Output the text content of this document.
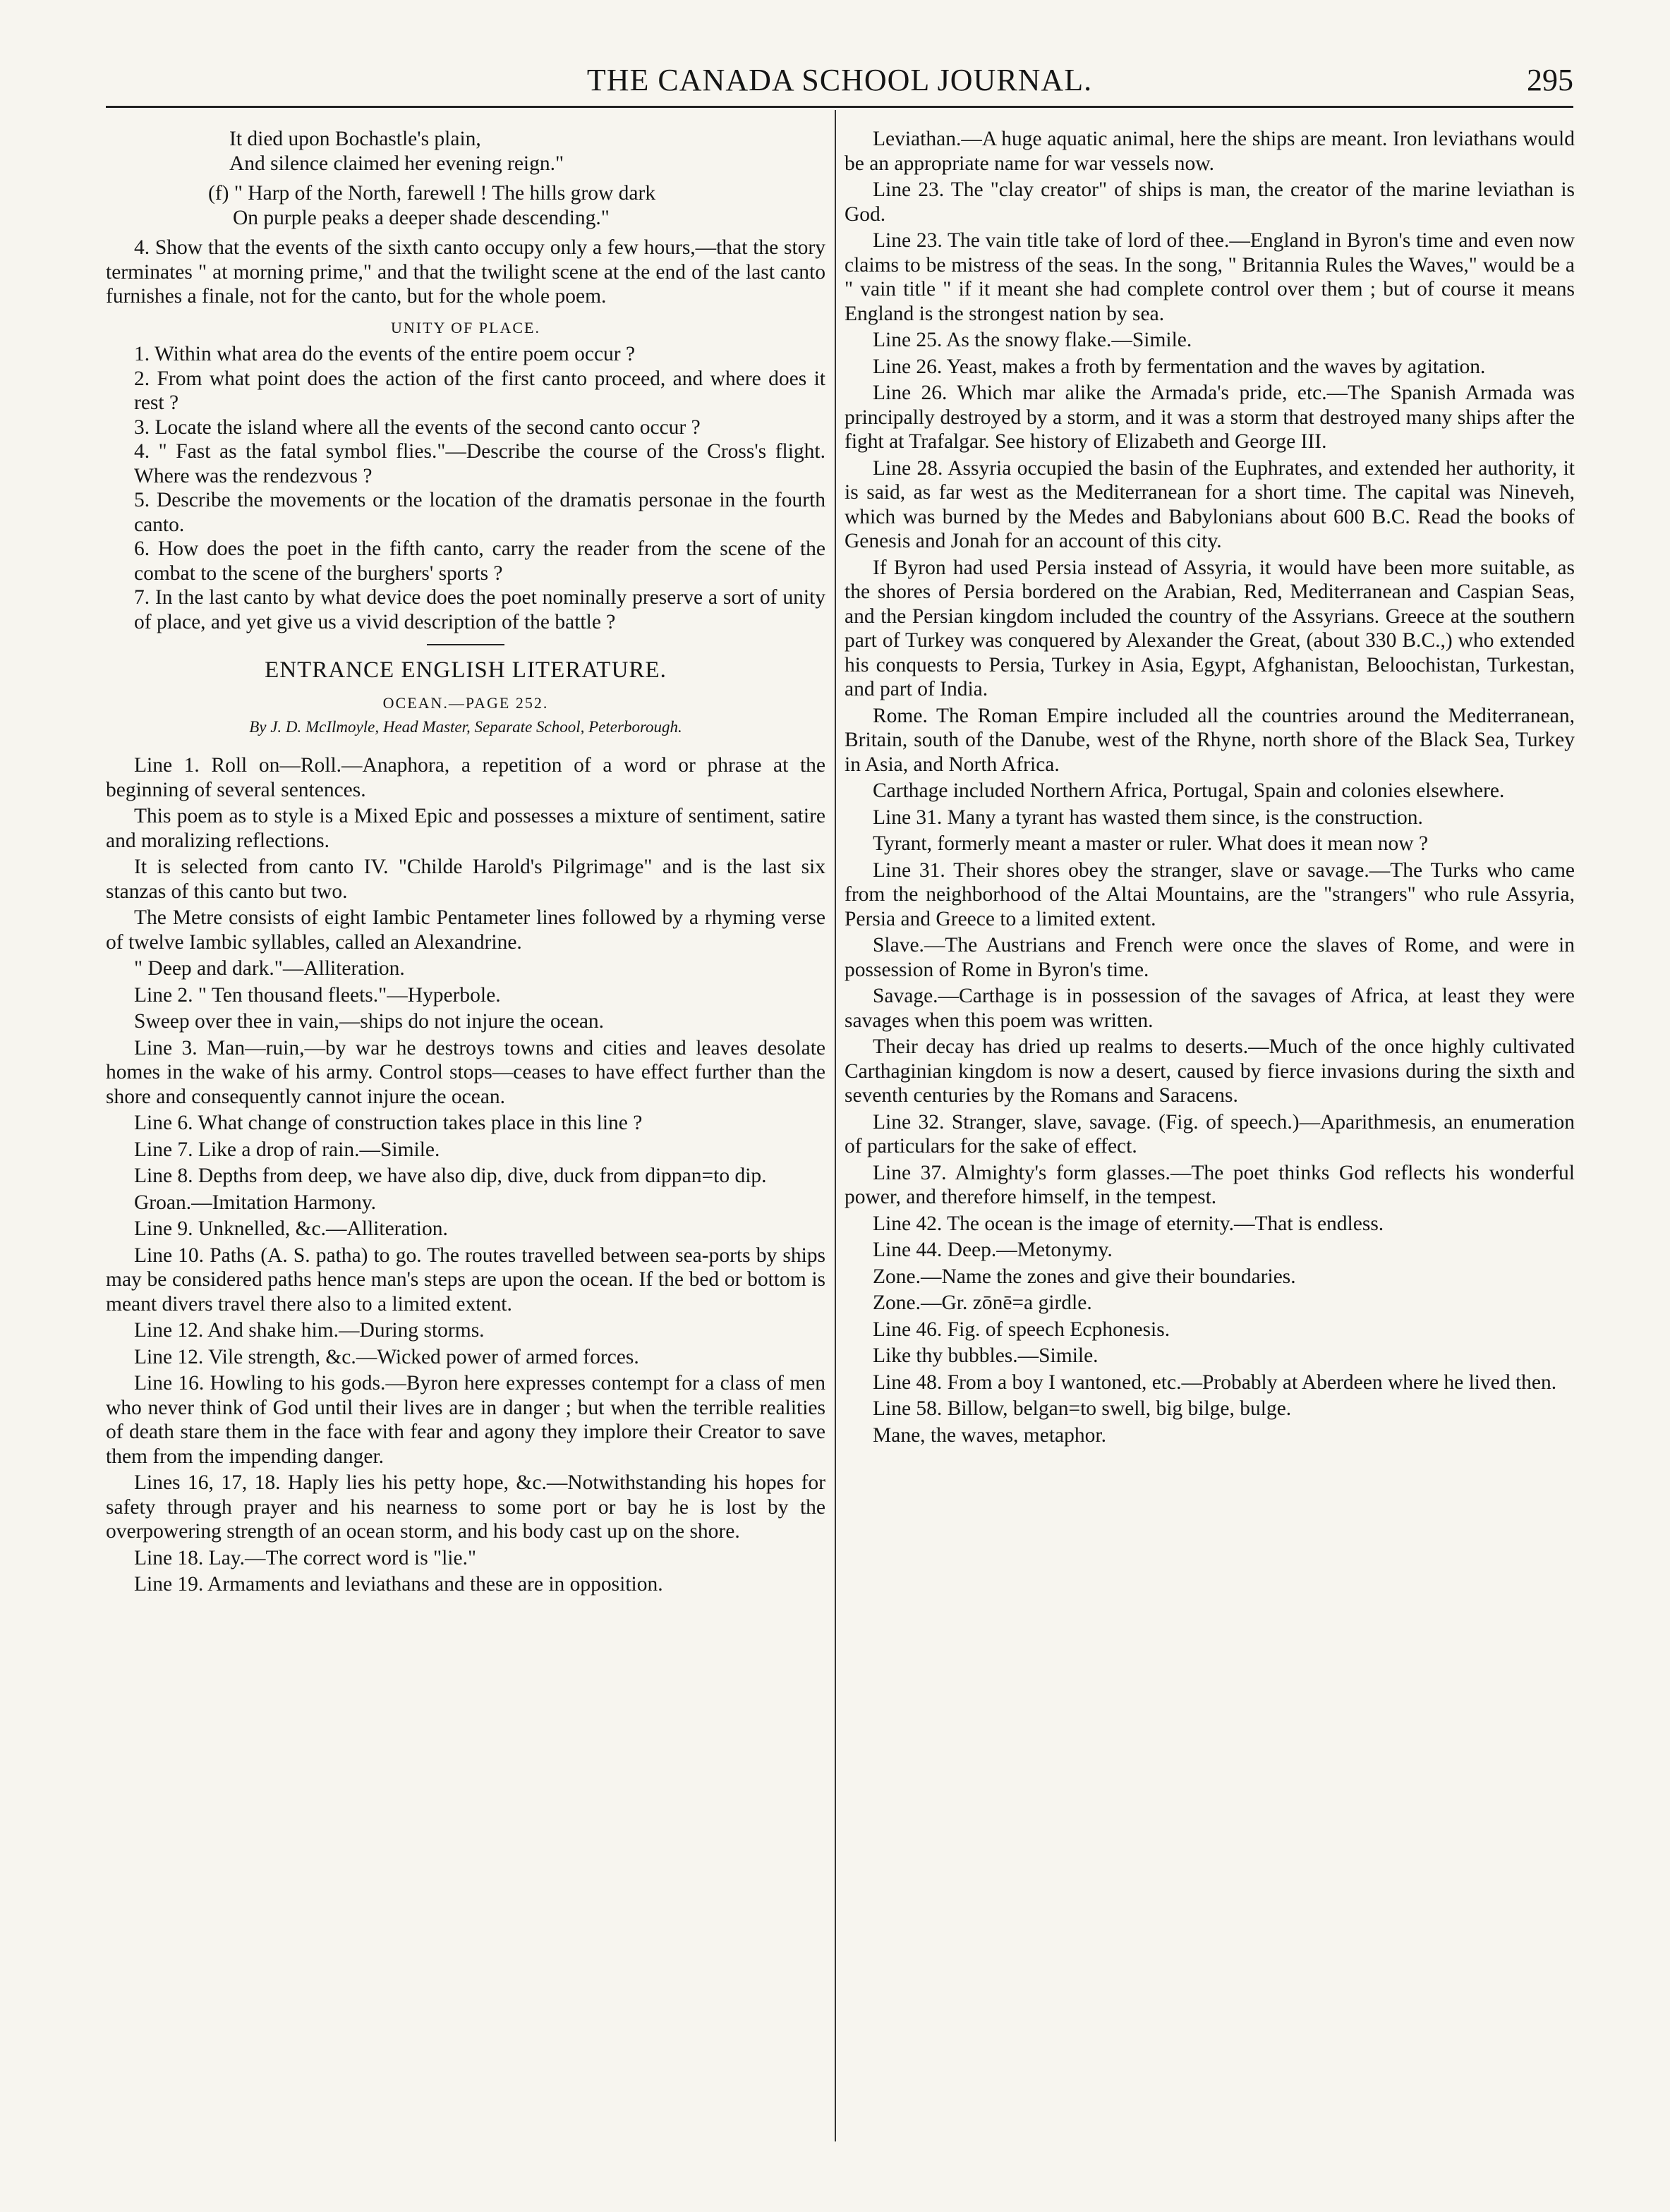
THE CANADA SCHOOL JOURNAL.	295
It died upon Bochastle's plain,
And silence claimed her evening reign."
(f) " Harp of the North, farewell ! The hills grow dark
On purple peaks a deeper shade descending."

4. Show that the events of the sixth canto occupy only a few hours,—that the story terminates " at morning prime," and that the twilight scene at the end of the last canto furnishes a finale, not for the canto, but for the whole poem.

UNITY OF PLACE.

1. Within what area do the events of the entire poem occur ?

2. From what point does the action of the first canto proceed, and where does it rest ?

3. Locate the island where all the events of the second canto occur ?

4. " Fast as the fatal symbol flies."—Describe the course of the Cross's flight. Where was the rendezvous ?

5. Describe the movements or the location of the dramatis personae in the fourth canto.

6. How does the poet in the fifth canto, carry the reader from the scene of the combat to the scene of the burghers' sports ?

7. In the last canto by what device does the poet nominally preserve a sort of unity of place, and yet give us a vivid description of the battle ?

ENTRANCE ENGLISH LITERATURE.
OCEAN.—PAGE 252.
By J. D. McIlmoyle, Head Master, Separate School, Peterborough.

Line 1. Roll on—Roll.—Anaphora, a repetition of a word or phrase at the beginning of several sentences.

This poem as to style is a Mixed Epic and possesses a mixture of sentiment, satire and moralizing reflections.

It is selected from canto IV. "Childe Harold's Pilgrimage" and is the last six stanzas of this canto but two.

The Metre consists of eight Iambic Pentameter lines followed by a rhyming verse of twelve Iambic syllables, called an Alexandrine.

" Deep and dark."—Alliteration.

Line 2. " Ten thousand fleets."—Hyperbole.

Sweep over thee in vain,—ships do not injure the ocean.

Line 3. Man—ruin,—by war he destroys towns and cities and leaves desolate homes in the wake of his army. Control stops—ceases to have effect further than the shore and consequently cannot injure the ocean.

Line 6. What change of construction takes place in this line ?

Line 7. Like a drop of rain.—Simile.

Line 8. Depths from deep, we have also dip, dive, duck from dippan=to dip.

Groan.—Imitation Harmony.

Line 9. Unknelled, &c.—Alliteration.

Line 10. Paths (A. S. patha) to go. The routes travelled between sea-ports by ships may be considered paths hence man's steps are upon the ocean. If the bed or bottom is meant divers travel there also to a limited extent.

Line 12. And shake him.—During storms.

Line 12. Vile strength, &c.—Wicked power of armed forces.

Line 16. Howling to his gods.—Byron here expresses contempt for a class of men who never think of God until their lives are in danger ; but when the terrible realities of death stare them in the face with fear and agony they implore their Creator to save them from the impending danger.

Lines 16, 17, 18. Haply lies his petty hope, &c.—Notwithstanding his hopes for safety through prayer and his nearness to some port or bay he is lost by the overpowering strength of an ocean storm, and his body cast up on the shore.

Line 18. Lay.—The correct word is "lie."

Line 19. Armaments and leviathans and these are in opposition.

Leviathan.—A huge aquatic animal, here the ships are meant. Iron leviathans would be an appropriate name for war vessels now.

Line 23. The "clay creator" of ships is man, the creator of the marine leviathan is God.

Line 23. The vain title take of lord of thee.—England in Byron's time and even now claims to be mistress of the seas. In the song, " Britannia Rules the Waves," would be a " vain title " if it meant she had complete control over them ; but of course it means England is the strongest nation by sea.

Line 25. As the snowy flake.—Simile.

Line 26. Yeast, makes a froth by fermentation and the waves by agitation.

Line 26. Which mar alike the Armada's pride, etc.—The Spanish Armada was principally destroyed by a storm, and it was a storm that destroyed many ships after the fight at Trafalgar. See history of Elizabeth and George III.

Line 28. Assyria occupied the basin of the Euphrates, and extended her authority, it is said, as far west as the Mediterranean for a short time. The capital was Nineveh, which was burned by the Medes and Babylonians about 600 B.C. Read the books of Genesis and Jonah for an account of this city.

If Byron had used Persia instead of Assyria, it would have been more suitable, as the shores of Persia bordered on the Arabian, Red, Mediterranean and Caspian Seas, and the Persian kingdom included the country of the Assyrians. Greece at the southern part of Turkey was conquered by Alexander the Great, (about 330 B.C.,) who extended his conquests to Persia, Turkey in Asia, Egypt, Afghanistan, Beloochistan, Turkestan, and part of India.

Rome. The Roman Empire included all the countries around the Mediterranean, Britain, south of the Danube, west of the Rhyne, north shore of the Black Sea, Turkey in Asia, and North Africa.

Carthage included Northern Africa, Portugal, Spain and colonies elsewhere.

Line 31. Many a tyrant has wasted them since, is the construction.

Tyrant, formerly meant a master or ruler. What does it mean now ?

Line 31. Their shores obey the stranger, slave or savage.—The Turks who came from the neighborhood of the Altai Mountains, are the "strangers" who rule Assyria, Persia and Greece to a limited extent.

Slave.—The Austrians and French were once the slaves of Rome, and were in possession of Rome in Byron's time.

Savage.—Carthage is in possession of the savages of Africa, at least they were savages when this poem was written.

Their decay has dried up realms to deserts.—Much of the once highly cultivated Carthaginian kingdom is now a desert, caused by fierce invasions during the sixth and seventh centuries by the Romans and Saracens.

Line 32. Stranger, slave, savage. (Fig. of speech.)—Aparithmesis, an enumeration of particulars for the sake of effect.

Line 37. Almighty's form glasses.—The poet thinks God reflects his wonderful power, and therefore himself, in the tempest.

Line 42. The ocean is the image of eternity.—That is endless.

Line 44. Deep.—Metonymy.

Zone.—Name the zones and give their boundaries.

Zone.—Gr. zōnē=a girdle.

Line 46. Fig. of speech Ecphonesis.

Like thy bubbles.—Simile.

Line 48. From a boy I wantoned, etc.—Probably at Aberdeen where he lived then.

Line 58. Billow, belgan=to swell, big bilge, bulge.

Mane, the waves, metaphor.
